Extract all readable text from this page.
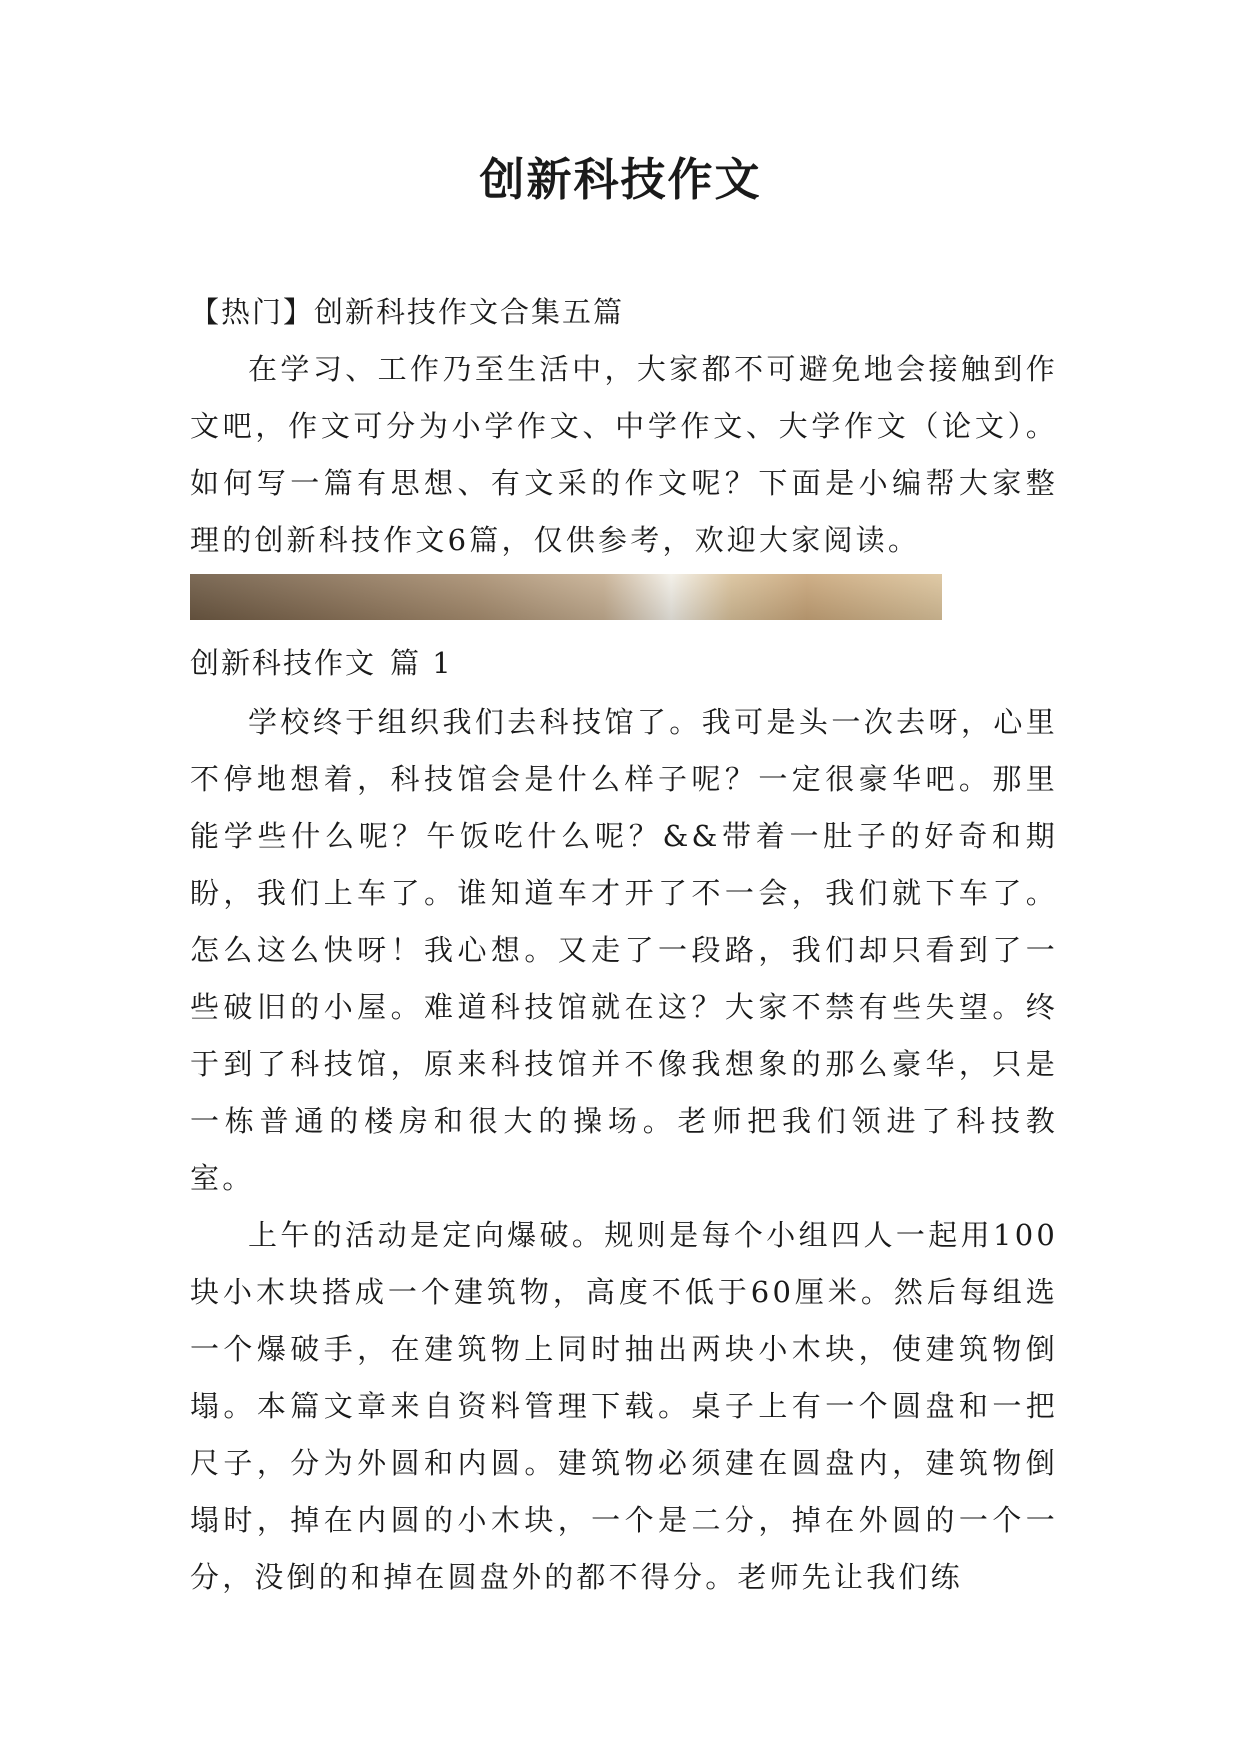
创新科技作文

【热门】创新科技作文合集五篇

在学习、工作乃至生活中，大家都不可避免地会接触到作文吧，作文可分为小学作文、中学作文、大学作文（论文）。如何写一篇有思想、有文采的作文呢？下面是小编帮大家整理的创新科技作文6篇，仅供参考，欢迎大家阅读。

创新科技作文 篇 1

学校终于组织我们去科技馆了。我可是头一次去呀，心里不停地想着，科技馆会是什么样子呢？一定很豪华吧。那里能学些什么呢？午饭吃什么呢？&&带着一肚子的好奇和期盼，我们上车了。谁知道车才开了不一会，我们就下车了。怎么这么快呀！我心想。又走了一段路，我们却只看到了一些破旧的小屋。难道科技馆就在这？大家不禁有些失望。终于到了科技馆，原来科技馆并不像我想象的那么豪华，只是一栋普通的楼房和很大的操场。老师把我们领进了科技教室。

上午的活动是定向爆破。规则是每个小组四人一起用100块小木块搭成一个建筑物，高度不低于60厘米。然后每组选一个爆破手，在建筑物上同时抽出两块小木块，使建筑物倒塌。本篇文章来自资料管理下载。桌子上有一个圆盘和一把尺子，分为外圆和内圆。建筑物必须建在圆盘内，建筑物倒塌时，掉在内圆的小木块，一个是二分，掉在外圆的一个一分，没倒的和掉在圆盘外的都不得分。老师先让我们练
